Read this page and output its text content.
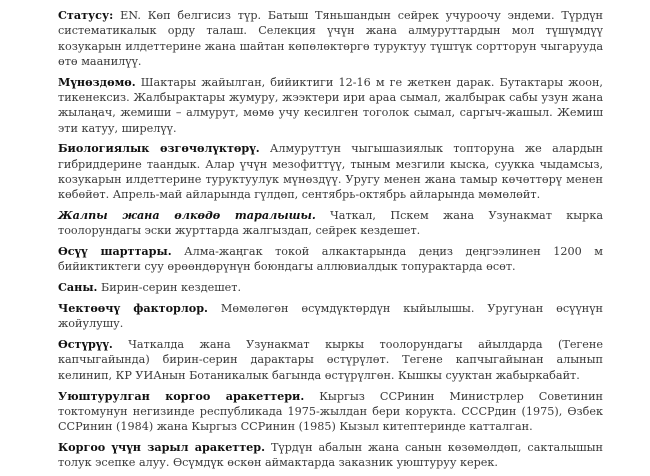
Статусу: EN. Көп белгисиз түр. Батыш Тяньшандын сейрек учуроочу эндеми. Түрдүн систематикалык орду талаш. Селекция үчүн жана алмуруттардын мол түшүмдүү козукарын илдеттерине жана шайтан көпөлөктөргө туруктуу түштүк сортторун чыгарууда өтө маанилүү.

Мүнөздөмө. Шактары жайылган, бийиктиги 12-16 м ге жеткен дарак. Бутактары жоон, тикенексиз. Жалбырактары жумуру, жээктери ири араа сымал, жалбырак сабы узун жана жылаңач, жемиши – алмурут, мөмө учу кесилген тоголок сымал, саргыч-жашыл. Жемиш эти катуу, ширелүү.

Биологиялык өзгөчөлүктөрү. Алмуруттун чыгышазиялык топторуна же алардын гибриддерине таандык. Алар үчүн мезофиттүү, тыным мезгили кыска, суукка чыдамсыз, козукарын илдеттерине туруктуулук мүнөздүү. Уругу менен жана тамыр көчөттөрү менен көбөйөт. Апрель-май айларында гүлдөп, сентябрь-октябрь айларында мөмөлөйт.

Жалпы жана өлкөдө таралышы. Чаткал, Пскем жана Узунакмат кырка тоолорундагы эски журттарда жалгыздап, сейрек кездешет.

Өсүү шарттары. Алма-жаңгак токой алкактарында деңиз деңгээлинен 1200 м бийиктиктеги суу өрөөндөрүнүн боюндагы аллювиалдык топурактарда өсөт.

Саны. Бирин-серин кездешет.

Чектөөчү факторлор. Мөмөлөгөн өсүмдүктөрдүн кыйылышы. Уругунан өсүүнүн жойулушу.

Өстүрүү. Чаткалда жана Узунакмат кыркы тоолорундагы айылдарда (Тегене капчыгайында) бирин-серин дарактары өстүрүлөт. Тегене капчыгайынан алынып келинип, КР УИАнын Ботаникалык багында өстүрүлгөн. Кышкы сууктан жабыркабайт.

Уюштурулган коргоо аракеттери. Кыргыз ССРинин Министрлер Советинин токтомунун негизинде республикада 1975-жылдан бери корукта. СССРдин (1975), Өзбек ССРинин (1984) жана Кыргыз ССРинин (1985) Кызыл китептеринде катталган.

Коргоо үчүн зарыл аракеттер. Түрдүн абалын жана санын көзөмөлдөп, сакталышын толук эсепке алуу. Өсүмдүк өскөн аймактарда заказник уюштуруу керек.
